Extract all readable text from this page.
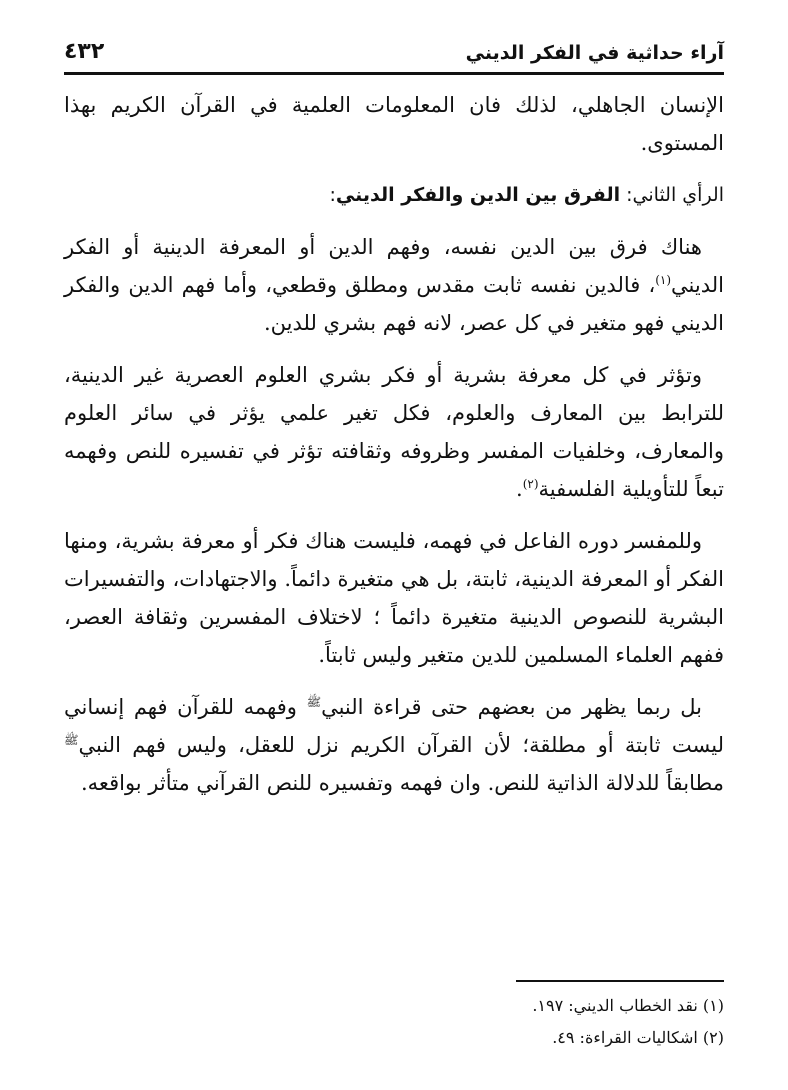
آراء حداثية في الفكر الديني
٤٣٢

الإنسان الجاهلي، لذلك فان المعلومات العلمية في القرآن الكريم بهذا المستوى.

الرأي الثاني: الفرق بين الدين والفكر الديني:

هناك فرق بين الدين نفسه، وفهم الدين أو المعرفة الدينية أو الفكر الديني$^{(١)}$، فالدين نفسه ثابت مقدس ومطلق وقطعي، وأما فهم الدين والفكر الديني فهو متغير في كل عصر، لانه فهم بشري للدين.

وتؤثر في كل معرفة بشرية أو فكر بشري العلوم العصرية غير الدينية، للترابط بين المعارف والعلوم، فكل تغير علمي يؤثر في سائر العلوم والمعارف، وخلفيات المفسر وظروفه وثقافته تؤثر في تفسيره للنص وفهمه تبعاً للتأويلية الفلسفية$^{(٢)}$.

وللمفسر دوره الفاعل في فهمه، فليست هناك فكر أو معرفة بشرية، ومنها الفكر أو المعرفة الدينية، ثابتة، بل هي متغيرة دائماً. والاجتهادات، والتفسيرات البشرية للنصوص الدينية متغيرة دائماً ؛ لاختلاف المفسرين وثقافة العصر، ففهم العلماء المسلمين للدين متغير وليس ثابتاً.

بل ربما يظهر من بعضهم حتى قراءة النبي$^ﷺ$ وفهمه للقرآن فهم إنساني ليست ثابتة أو مطلقة؛ لأن القرآن الكريم نزل للعقل، وليس فهم النبي$^ﷺ$ مطابقاً للدلالة الذاتية للنص. وان فهمه وتفسيره للنص القرآني متأثر بواقعه.

(١) نقد الخطاب الديني: ١٩٧.
(٢) اشكاليات القراءة: ٤٩.
